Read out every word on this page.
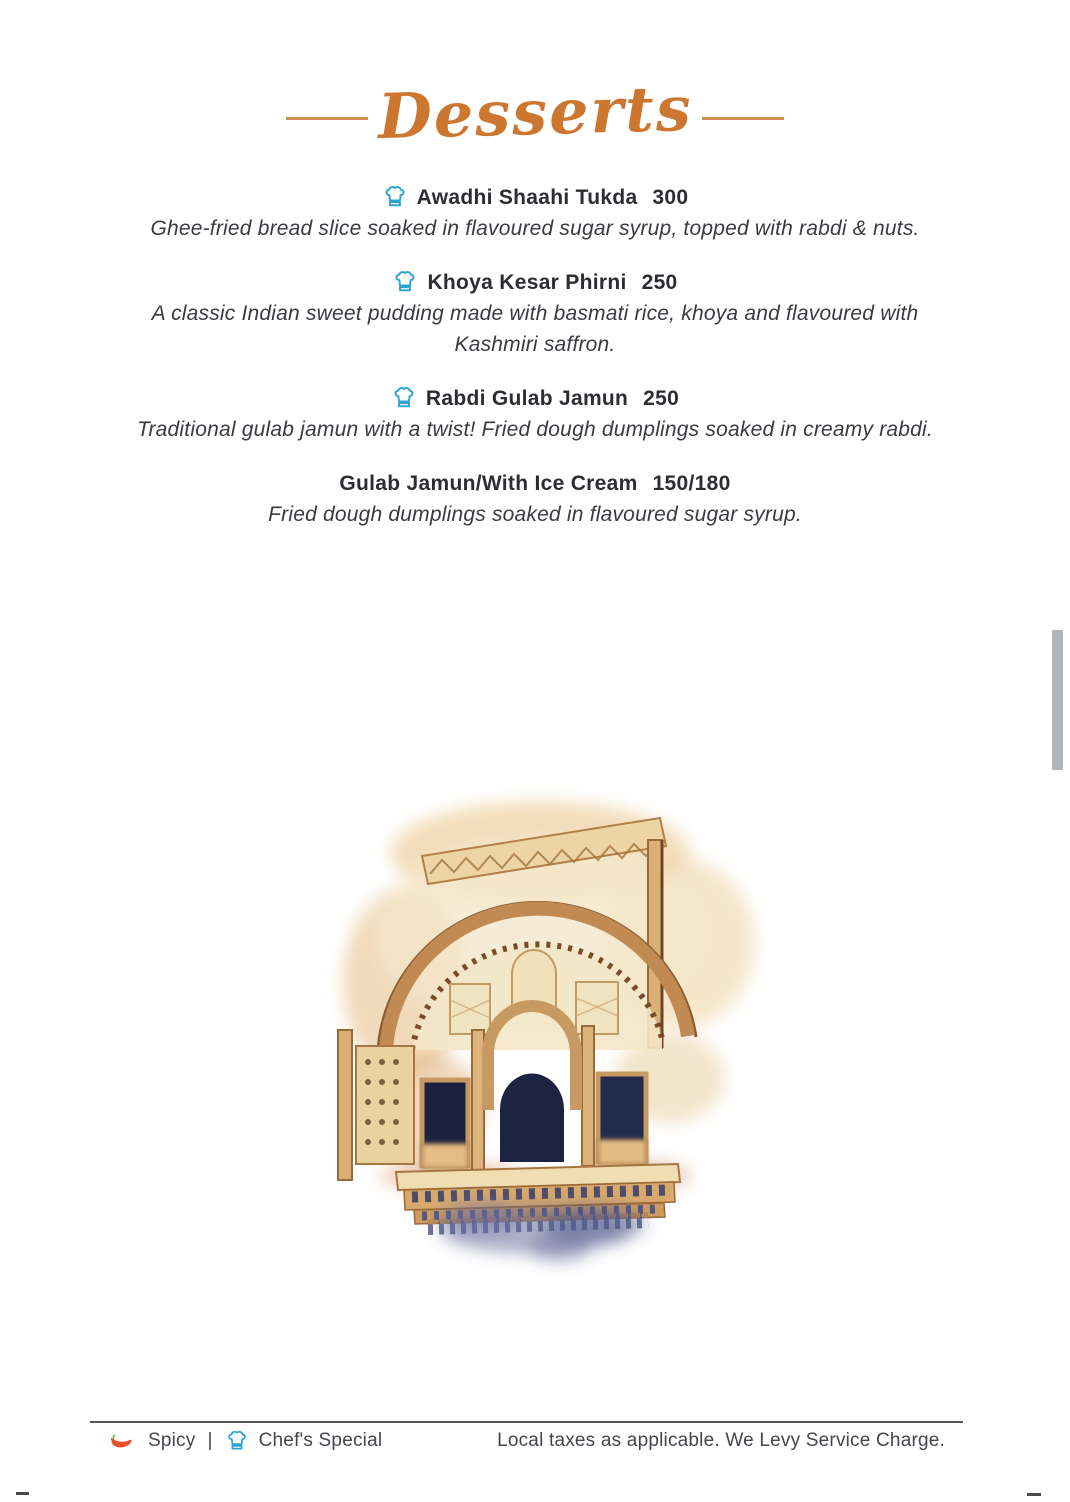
Desserts
Awadhi Shaahi Tukda 300
Ghee-fried bread slice soaked in flavoured sugar syrup, topped with rabdi & nuts.
Khoya Kesar Phirni 250
A classic Indian sweet pudding made with basmati rice, khoya and flavoured with Kashmiri saffron.
Rabdi Gulab Jamun 250
Traditional gulab jamun with a twist! Fried dough dumplings soaked in creamy rabdi.
Gulab Jamun/With Ice Cream 150/180
Fried dough dumplings soaked in flavoured sugar syrup.
Spicy | Chef's Special	Local taxes as applicable. We Levy Service Charge.
